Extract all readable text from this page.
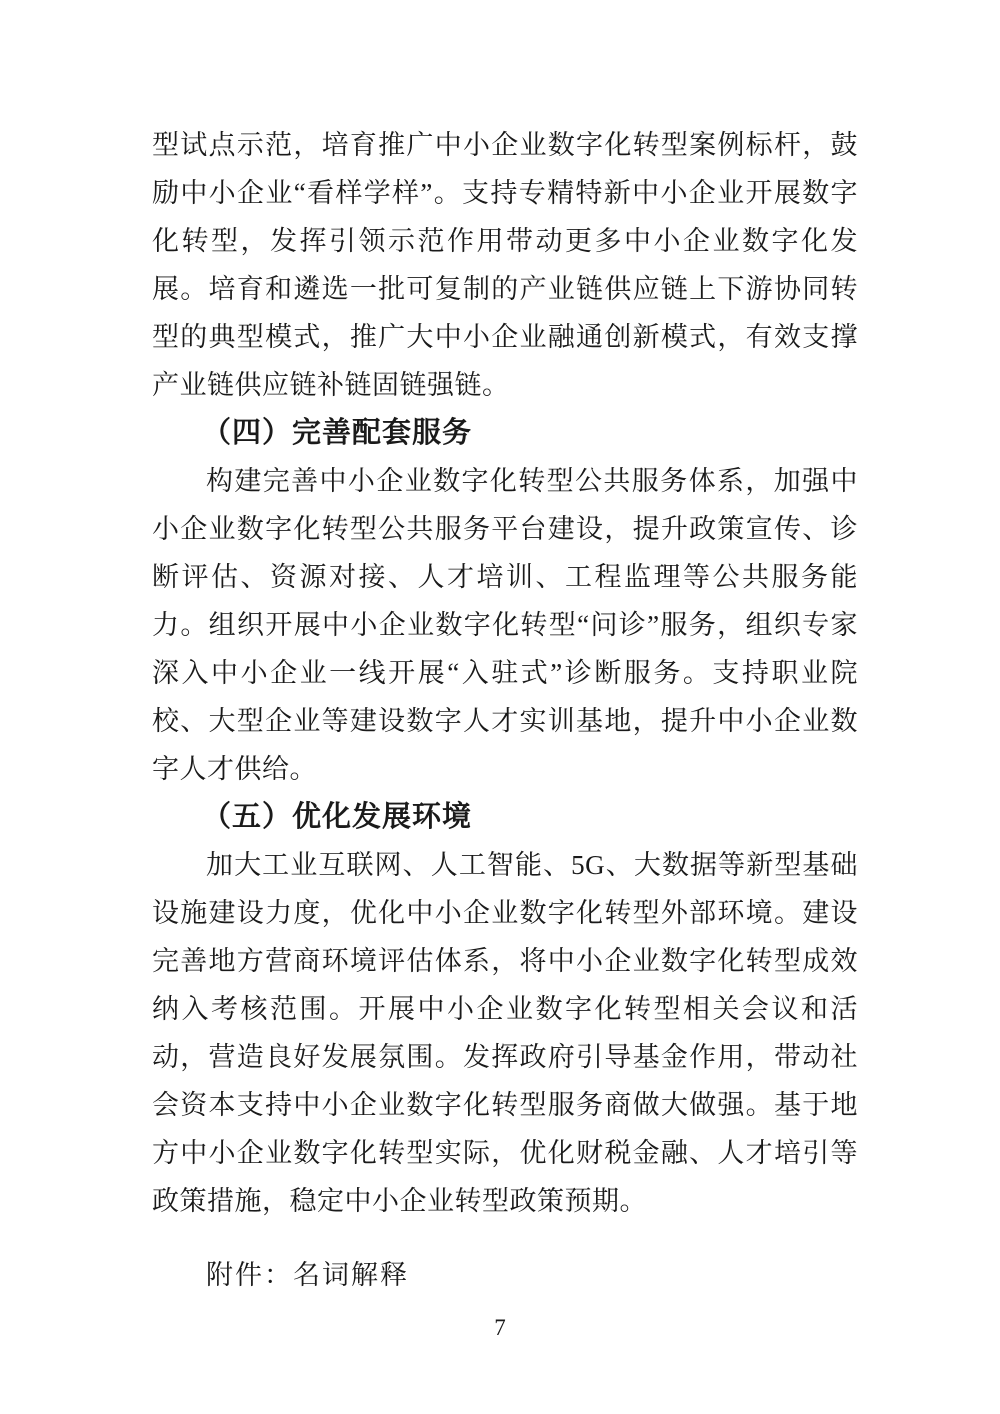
型试点示范，培育推广中小企业数字化转型案例标杆，鼓励中小企业“看样学样”。支持专精特新中小企业开展数字化转型，发挥引领示范作用带动更多中小企业数字化发展。培育和遴选一批可复制的产业链供应链上下游协同转型的典型模式，推广大中小企业融通创新模式，有效支撑产业链供应链补链固链强链。

（四）完善配套服务

构建完善中小企业数字化转型公共服务体系，加强中小企业数字化转型公共服务平台建设，提升政策宣传、诊断评估、资源对接、人才培训、工程监理等公共服务能力。组织开展中小企业数字化转型“问诊”服务，组织专家深入中小企业一线开展“入驻式”诊断服务。支持职业院校、大型企业等建设数字人才实训基地，提升中小企业数字人才供给。

（五）优化发展环境

加大工业互联网、人工智能、5G、大数据等新型基础设施建设力度，优化中小企业数字化转型外部环境。建设完善地方营商环境评估体系，将中小企业数字化转型成效纳入考核范围。开展中小企业数字化转型相关会议和活动，营造良好发展氛围。发挥政府引导基金作用，带动社会资本支持中小企业数字化转型服务商做大做强。基于地方中小企业数字化转型实际，优化财税金融、人才培引等政策措施，稳定中小企业转型政策预期。

附件：名词解释

7
